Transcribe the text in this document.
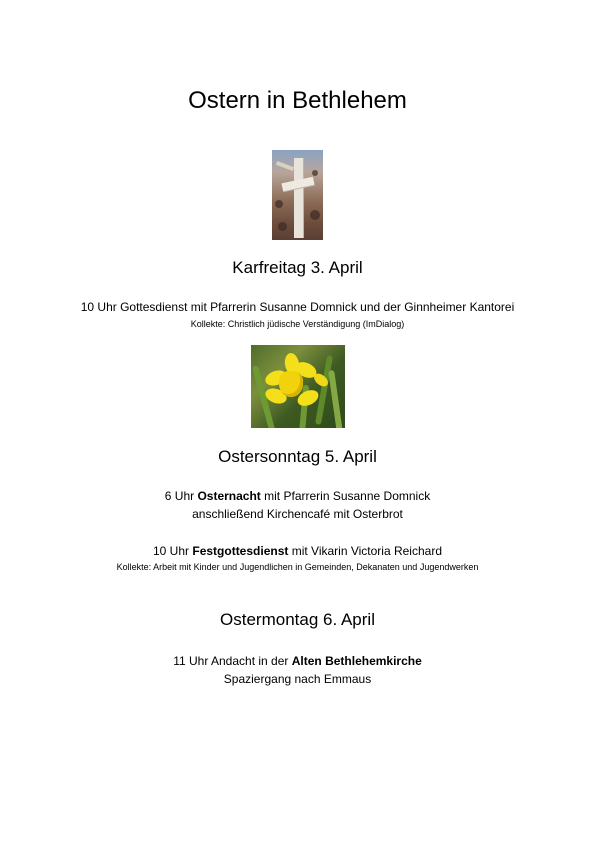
Ostern in Bethlehem
Karfreitag 3. April
10 Uhr Gottesdienst mit Pfarrerin Susanne Domnick und der Ginnheimer Kantorei
Kollekte: Christlich jüdische Verständigung (ImDialog)
Ostersonntag 5. April
6 Uhr Osternacht mit Pfarrerin Susanne Domnick
anschließend Kirchencafé mit Osterbrot
10 Uhr Festgottesdienst mit Vikarin Victoria Reichard
Kollekte: Arbeit mit Kinder und Jugendlichen in Gemeinden, Dekanaten und Jugendwerken
Ostermontag 6. April
11 Uhr Andacht in der Alten Bethlehemkirche
Spaziergang nach Emmaus
